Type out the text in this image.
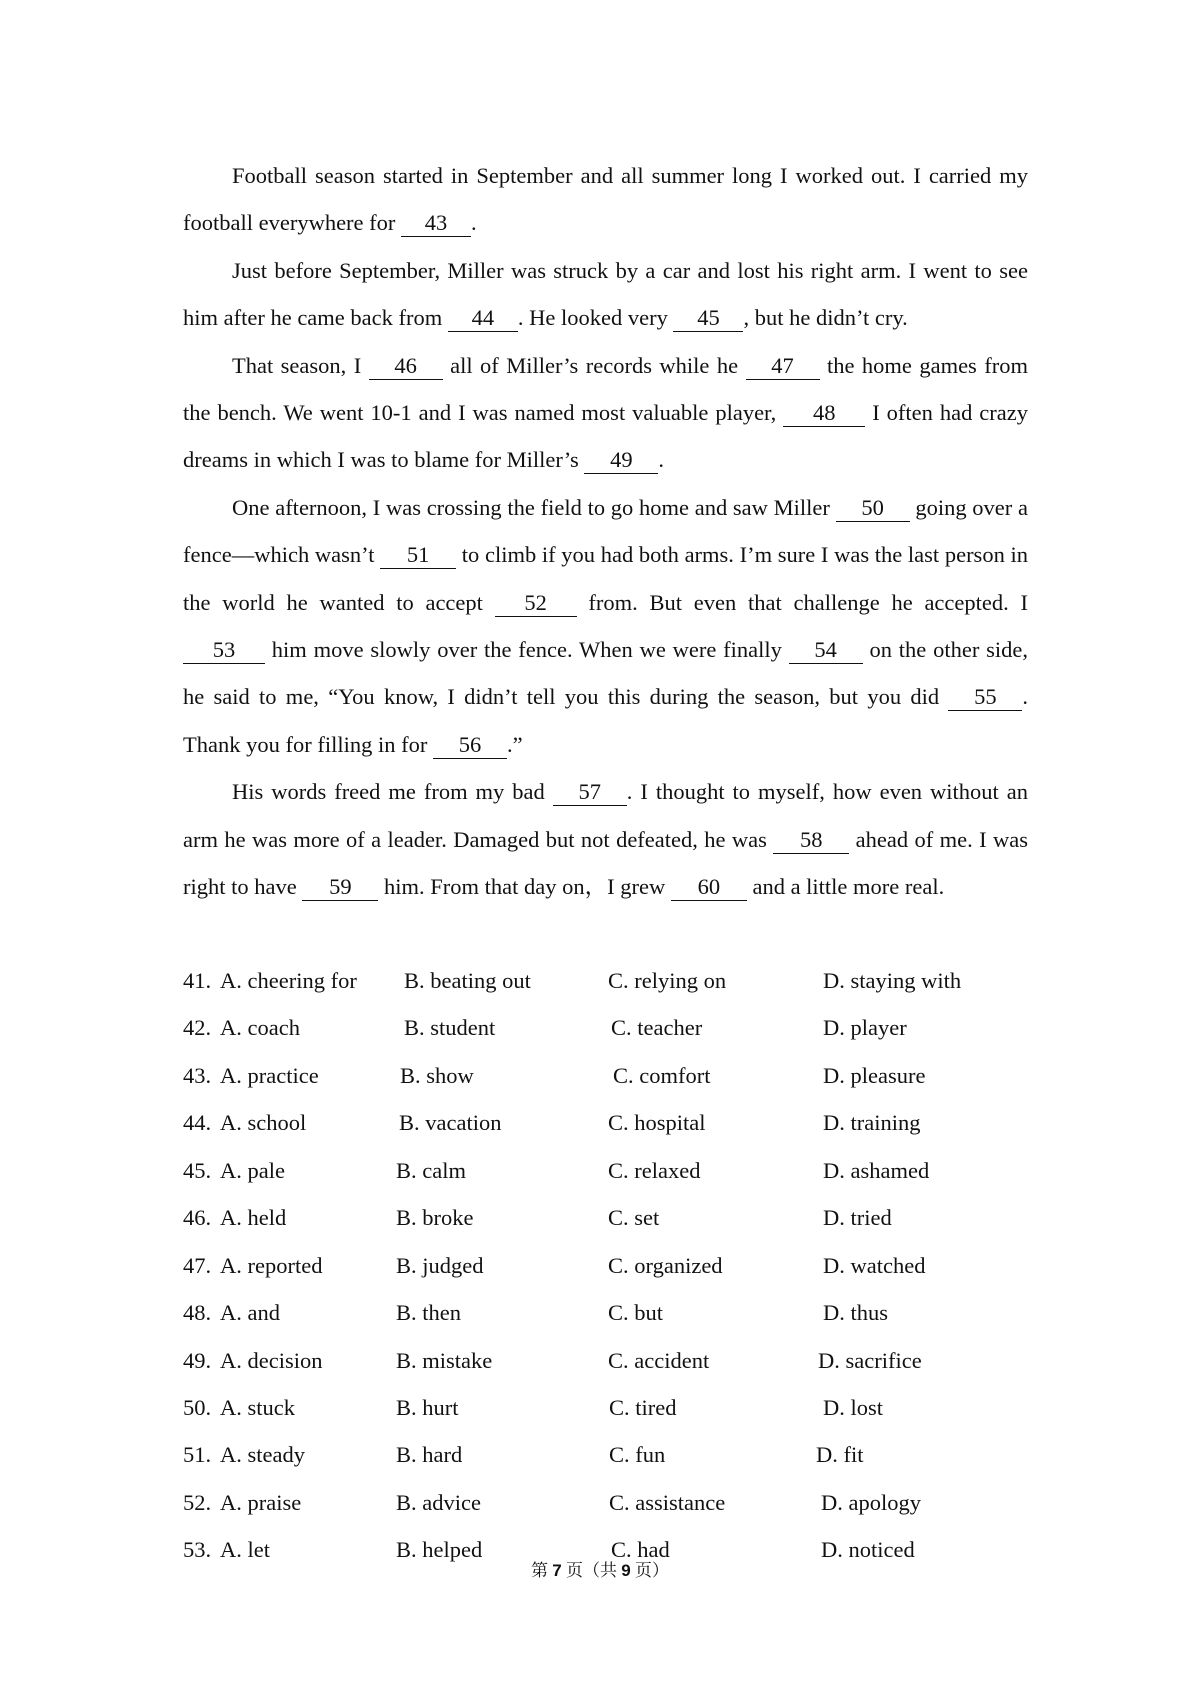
Football season started in September and all summer long I worked out. I carried my football everywhere for 43 .

Just before September, Miller was struck by a car and lost his right arm. I went to see him after he came back from 44 . He looked very 45 , but he didn’t cry.

That season, I 46 all of Miller’s records while he 47 the home games from the bench. We went 10-1 and I was named most valuable player, 48 I often had crazy dreams in which I was to blame for Miller’s 49 .

One afternoon, I was crossing the field to go home and saw Miller 50 going over a fence—which wasn’t 51 to climb if you had both arms. I’m sure I was the last person in the world he wanted to accept 52 from. But even that challenge he accepted. I 53 him move slowly over the fence. When we were finally 54 on the other side, he said to me, “You know, I didn’t tell you this during the season, but you did 55 . Thank you for filling in for 56 .”

His words freed me from my bad 57 . I thought to myself, how even without an arm he was more of a leader. Damaged but not defeated, he was 58 ahead of me. I was right to have 59 him. From that day on，I grew 60 and a little more real.

41. A. cheering for B. beating out	C. relying on	D. staying with
42. A. coach	B. student	C. teacher	D. player
43. A. practice	B. show	C. comfort	D. pleasure
44. A. school	B. vacation	C. hospital	D. training
45. A. pale	B. calm	C. relaxed	D. ashamed
46. A. held	B. broke	C. set	D. tried
47. A. reported	B. judged	C. organized	D. watched
48. A. and	B. then	C. but	D. thus
49. A. decision	B. mistake	C. accident	D. sacrifice
50. A. stuck	B. hurt	C. tired	D. lost
51. A. steady	B. hard	C. fun	D. fit
52. A. praise	B. advice	C. assistance	D. apology
53. A. let	B. helped	C. had	D. noticed
第 7 页（共 9 页）
